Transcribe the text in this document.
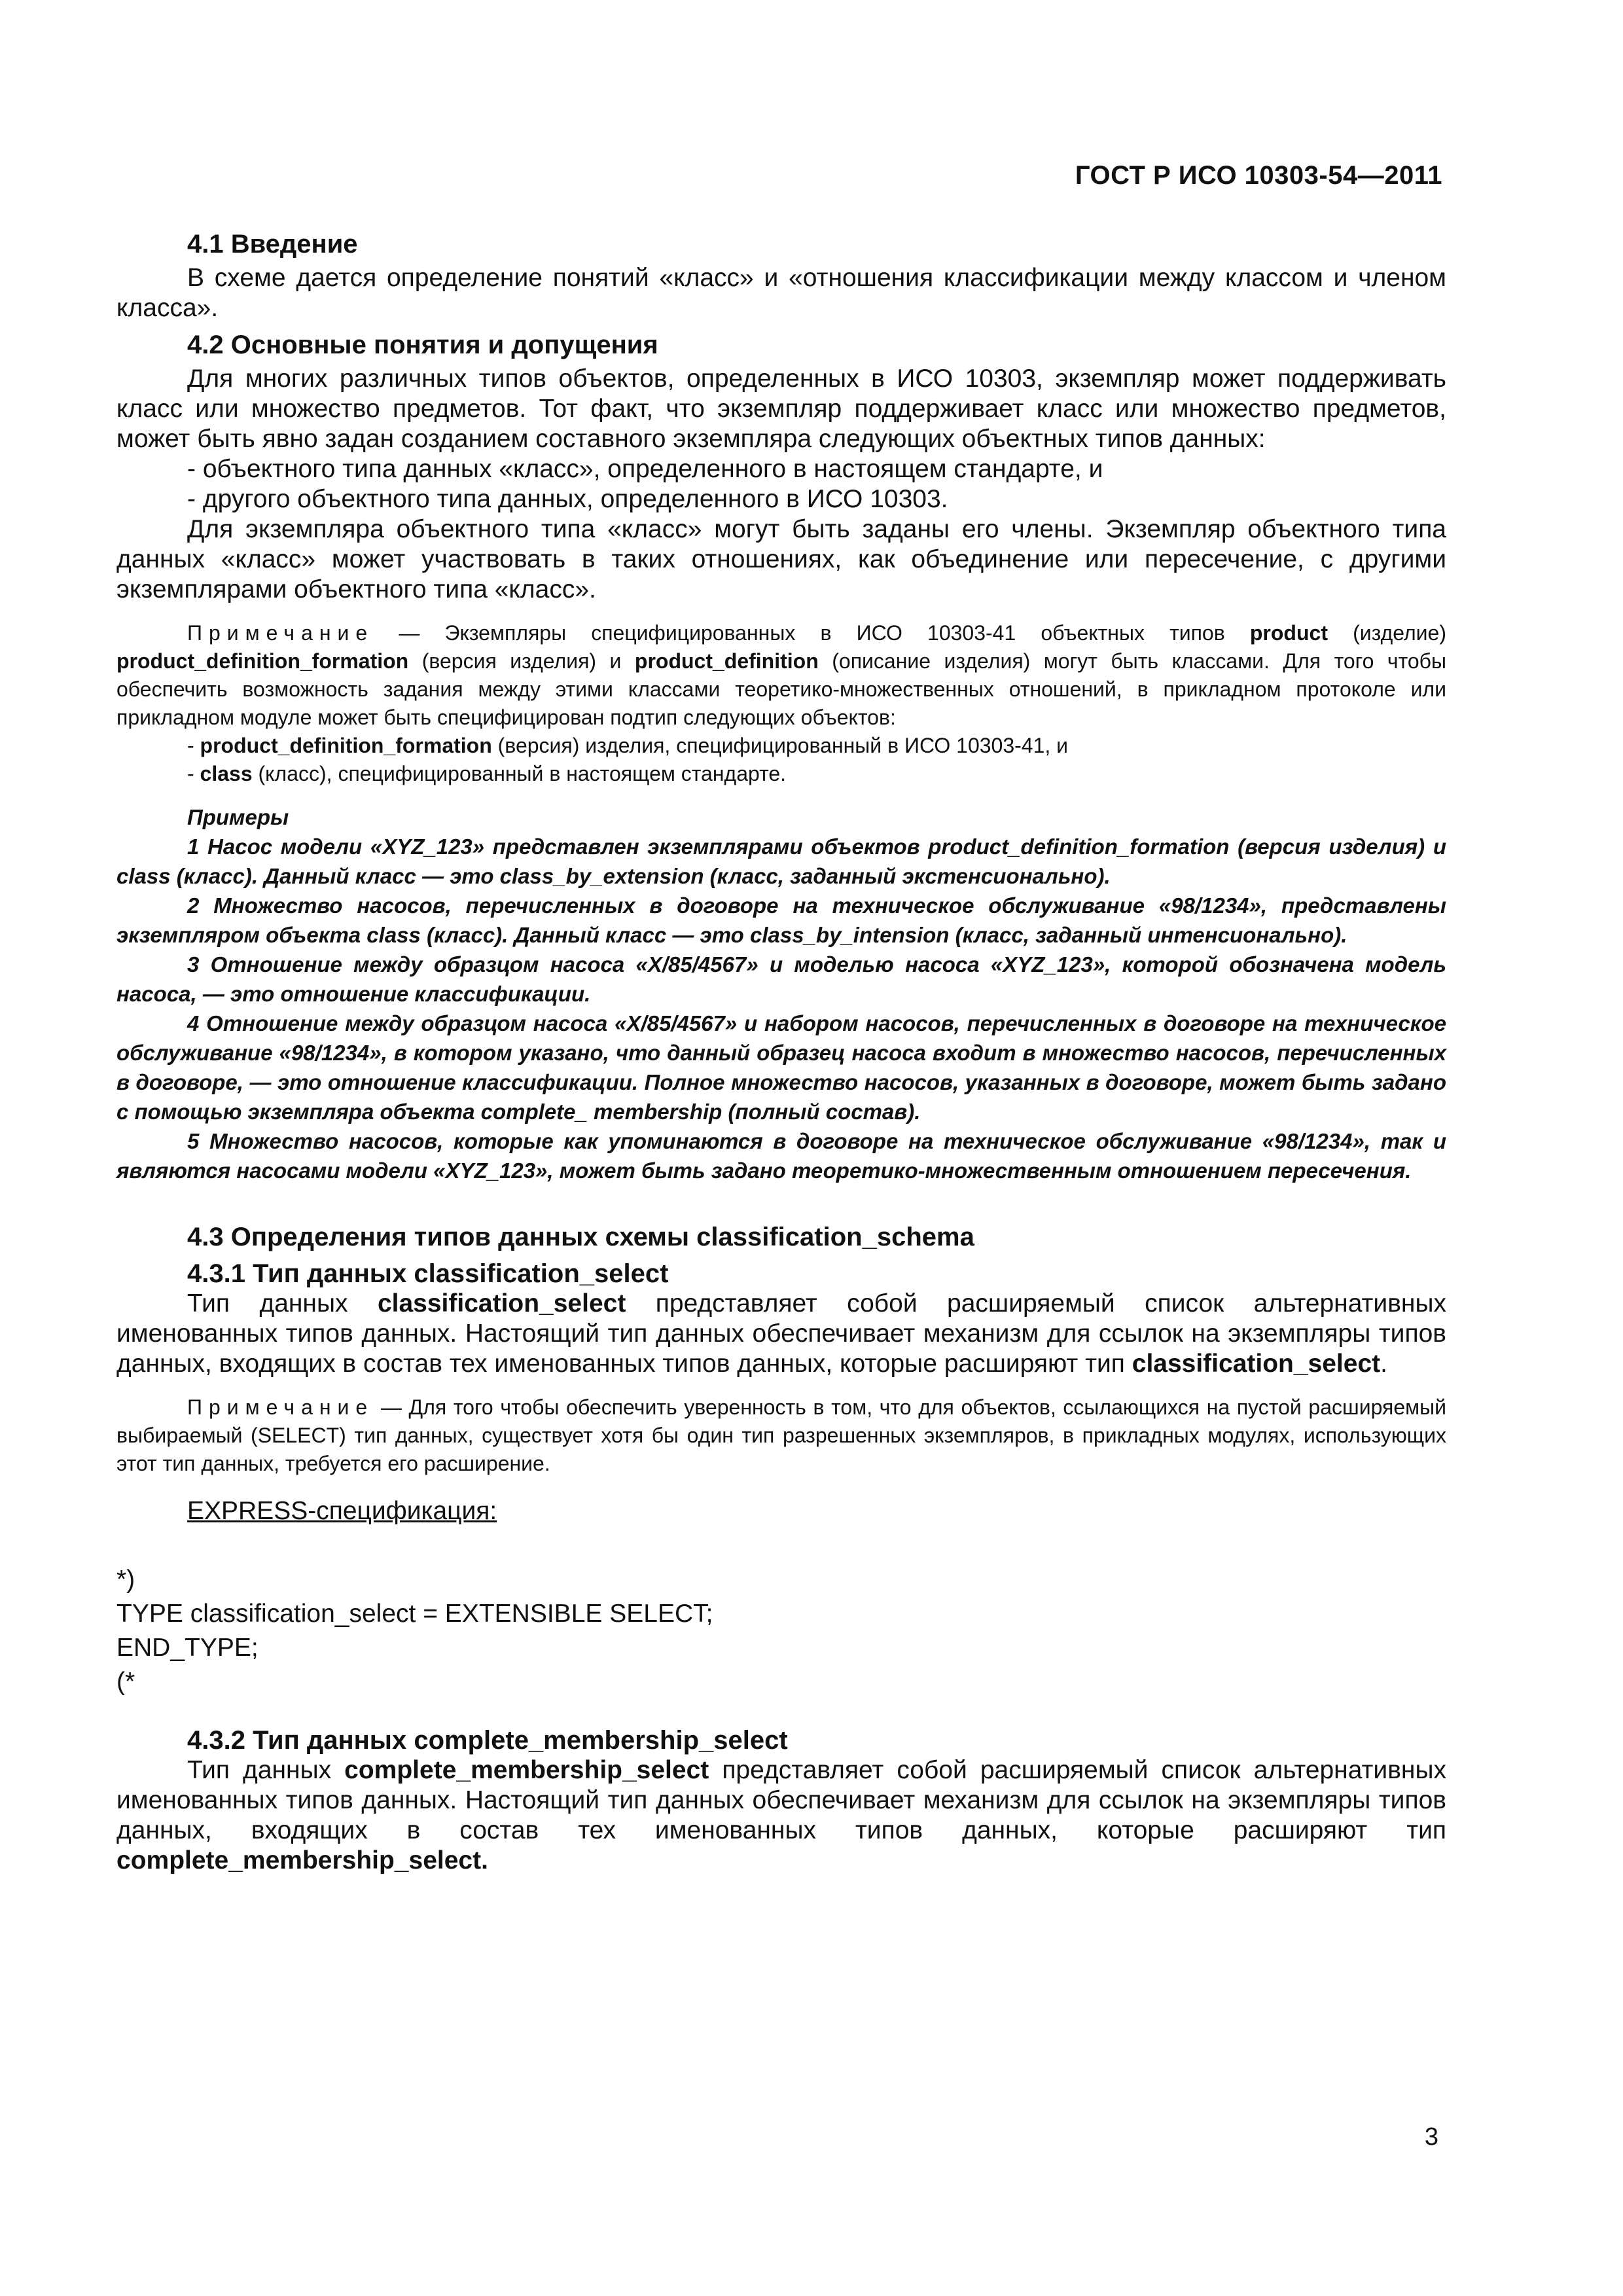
ГОСТ Р ИСО 10303-54—2011
4.1 Введение
В схеме дается определение понятий «класс» и «отношения классификации между классом и членом класса».
4.2 Основные понятия и допущения
Для многих различных типов объектов, определенных в ИСО 10303, экземпляр может поддерживать класс или множество предметов. Тот факт, что экземпляр поддерживает класс или множество предметов, может быть явно задан созданием составного экземпляра следующих объектных типов данных:
- объектного типа данных «класс», определенного в настоящем стандарте, и
- другого объектного типа данных, определенного в ИСО 10303.
Для экземпляра объектного типа «класс» могут быть заданы его члены. Экземпляр объектного типа данных «класс» может участвовать в таких отношениях, как объединение или пересечение, с другими экземплярами объектного типа «класс».
Примечание — Экземпляры специфицированных в ИСО 10303-41 объектных типов product (изделие) product_definition_formation (версия изделия) и product_definition (описание изделия) могут быть классами. Для того чтобы обеспечить возможность задания между этими классами теоретико-множественных отношений, в прикладном протоколе или прикладном модуле может быть специфицирован подтип следующих объектов:
- product_definition_formation (версия) изделия, специфицированный в ИСО 10303-41, и
- class (класс), специфицированный в настоящем стандарте.
Примеры
1 Насос модели «XYZ_123» представлен экземплярами объектов product_definition_formation (версия изделия) и class (класс). Данный класс — это class_by_extension (класс, заданный экстенсионально).
2 Множество насосов, перечисленных в договоре на техническое обслуживание «98/1234», представлены экземпляром объекта class (класс). Данный класс — это class_by_intension (класс, заданный интенсионально).
3 Отношение между образцом насоса «X/85/4567» и моделью насоса «XYZ_123», которой обозначена модель насоса, — это отношение классификации.
4 Отношение между образцом насоса «X/85/4567» и набором насосов, перечисленных в договоре на техническое обслуживание «98/1234», в котором указано, что данный образец насоса входит в множество насосов, перечисленных в договоре, — это отношение классификации. Полное множество насосов, указанных в договоре, может быть задано с помощью экземпляра объекта complete_ membership (полный состав).
5 Множество насосов, которые как упоминаются в договоре на техническое обслуживание «98/1234», так и являются насосами модели «XYZ_123», может быть задано теоретико-множественным отношением пересечения.
4.3 Определения типов данных схемы classification_schema
4.3.1 Тип данных classification_select
Тип данных classification_select представляет собой расширяемый список альтернативных именованных типов данных. Настоящий тип данных обеспечивает механизм для ссылок на экземпляры типов данных, входящих в состав тех именованных типов данных, которые расширяют тип classification_select.
Примечание — Для того чтобы обеспечить уверенность в том, что для объектов, ссылающихся на пустой расширяемый выбираемый (SELECT) тип данных, существует хотя бы один тип разрешенных экземпляров, в прикладных модулях, использующих этот тип данных, требуется его расширение.
EXPRESS-спецификация:
*)
TYPE classification_select = EXTENSIBLE SELECT;
END_TYPE;
(*
4.3.2 Тип данных complete_membership_select
Тип данных complete_membership_select представляет собой расширяемый список альтернативных именованных типов данных. Настоящий тип данных обеспечивает механизм для ссылок на экземпляры типов данных, входящих в состав тех именованных типов данных, которые расширяют тип complete_membership_select.
3
